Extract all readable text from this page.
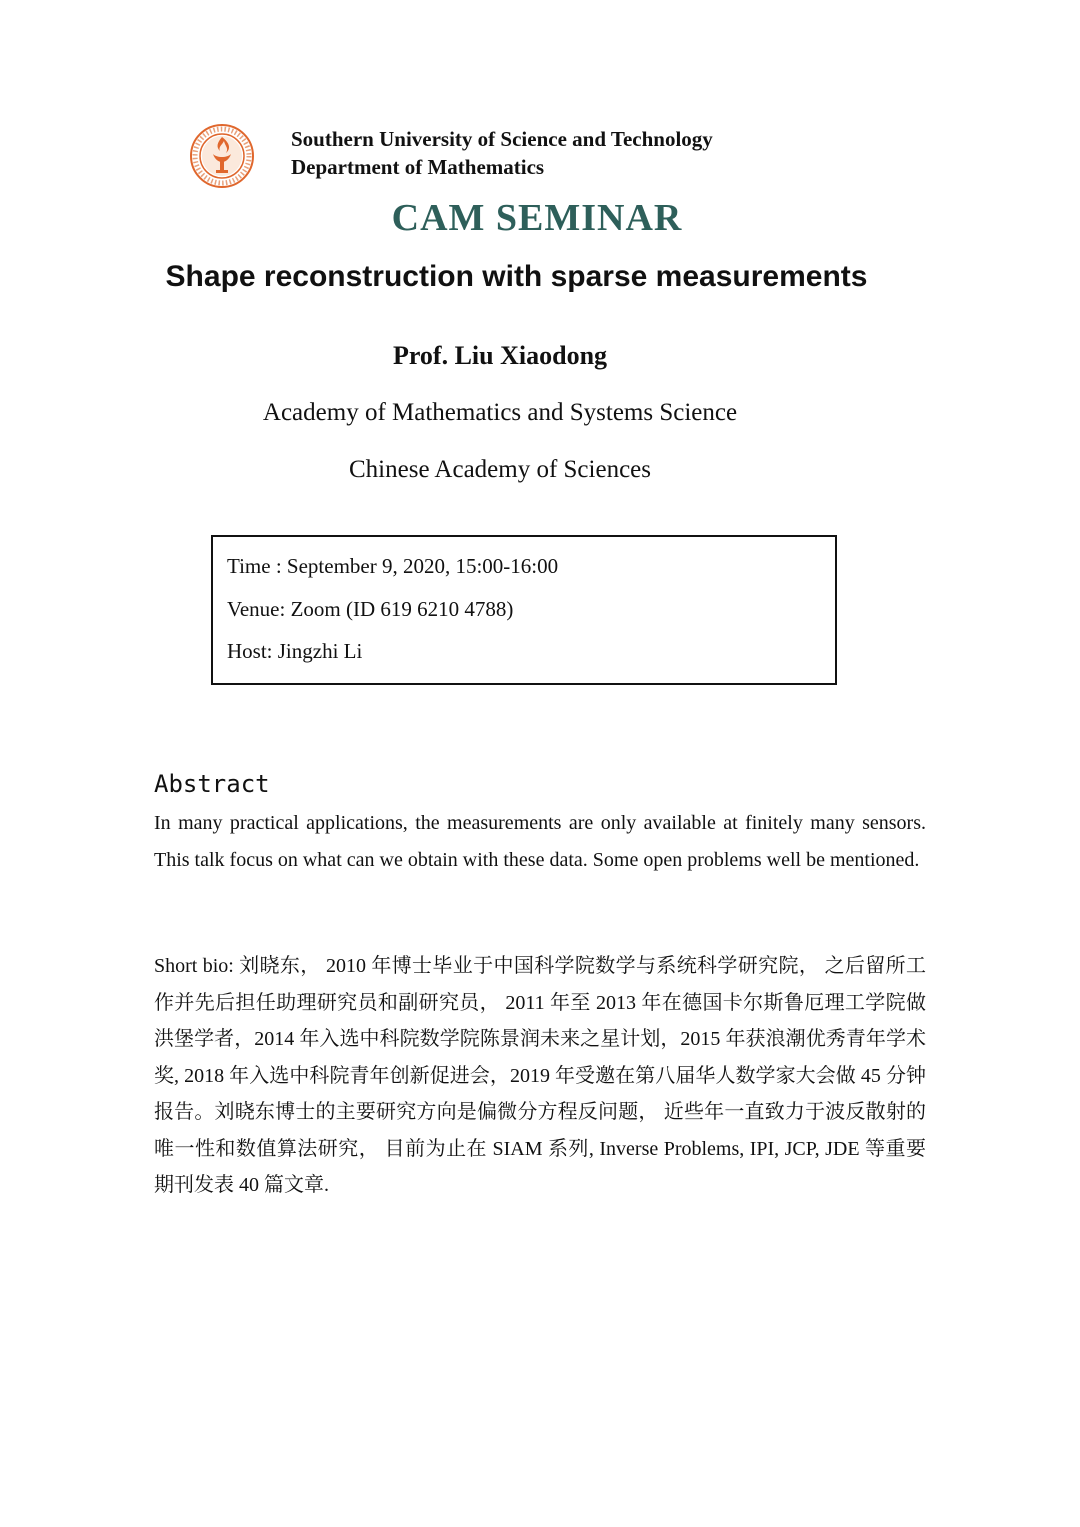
Southern University of Science and Technology
Department of Mathematics
CAM SEMINAR
Shape reconstruction with sparse measurements
Prof. Liu Xiaodong
Academy of Mathematics and Systems Science
Chinese Academy of Sciences
Time : September 9, 2020, 15:00-16:00
Venue: Zoom (ID 619 6210 4788)
Host: Jingzhi Li
Abstract
In many practical applications, the measurements are only available at finitely many sensors. This talk focus on what can we obtain with these data. Some open problems well be mentioned.
Short bio: 刘晓东， 2010 年博士毕业于中国科学院数学与系统科学研究院， 之后留所工作并先后担任助理研究员和副研究员， 2011 年至 2013 年在德国卡尔斯鲁厄理工学院做洪堡学者，2014 年入选中科院数学院陈景润未来之星计划，2015 年获浪潮优秀青年学术奖, 2018 年入选中科院青年创新促进会，2019 年受邀在第八届华人数学家大会做 45 分钟报告。刘晓东博士的主要研究方向是偏微分方程反问题， 近些年一直致力于波反散射的唯一性和数值算法研究， 目前为止在 SIAM 系列, Inverse Problems, IPI, JCP, JDE 等重要期刊发表 40 篇文章.
